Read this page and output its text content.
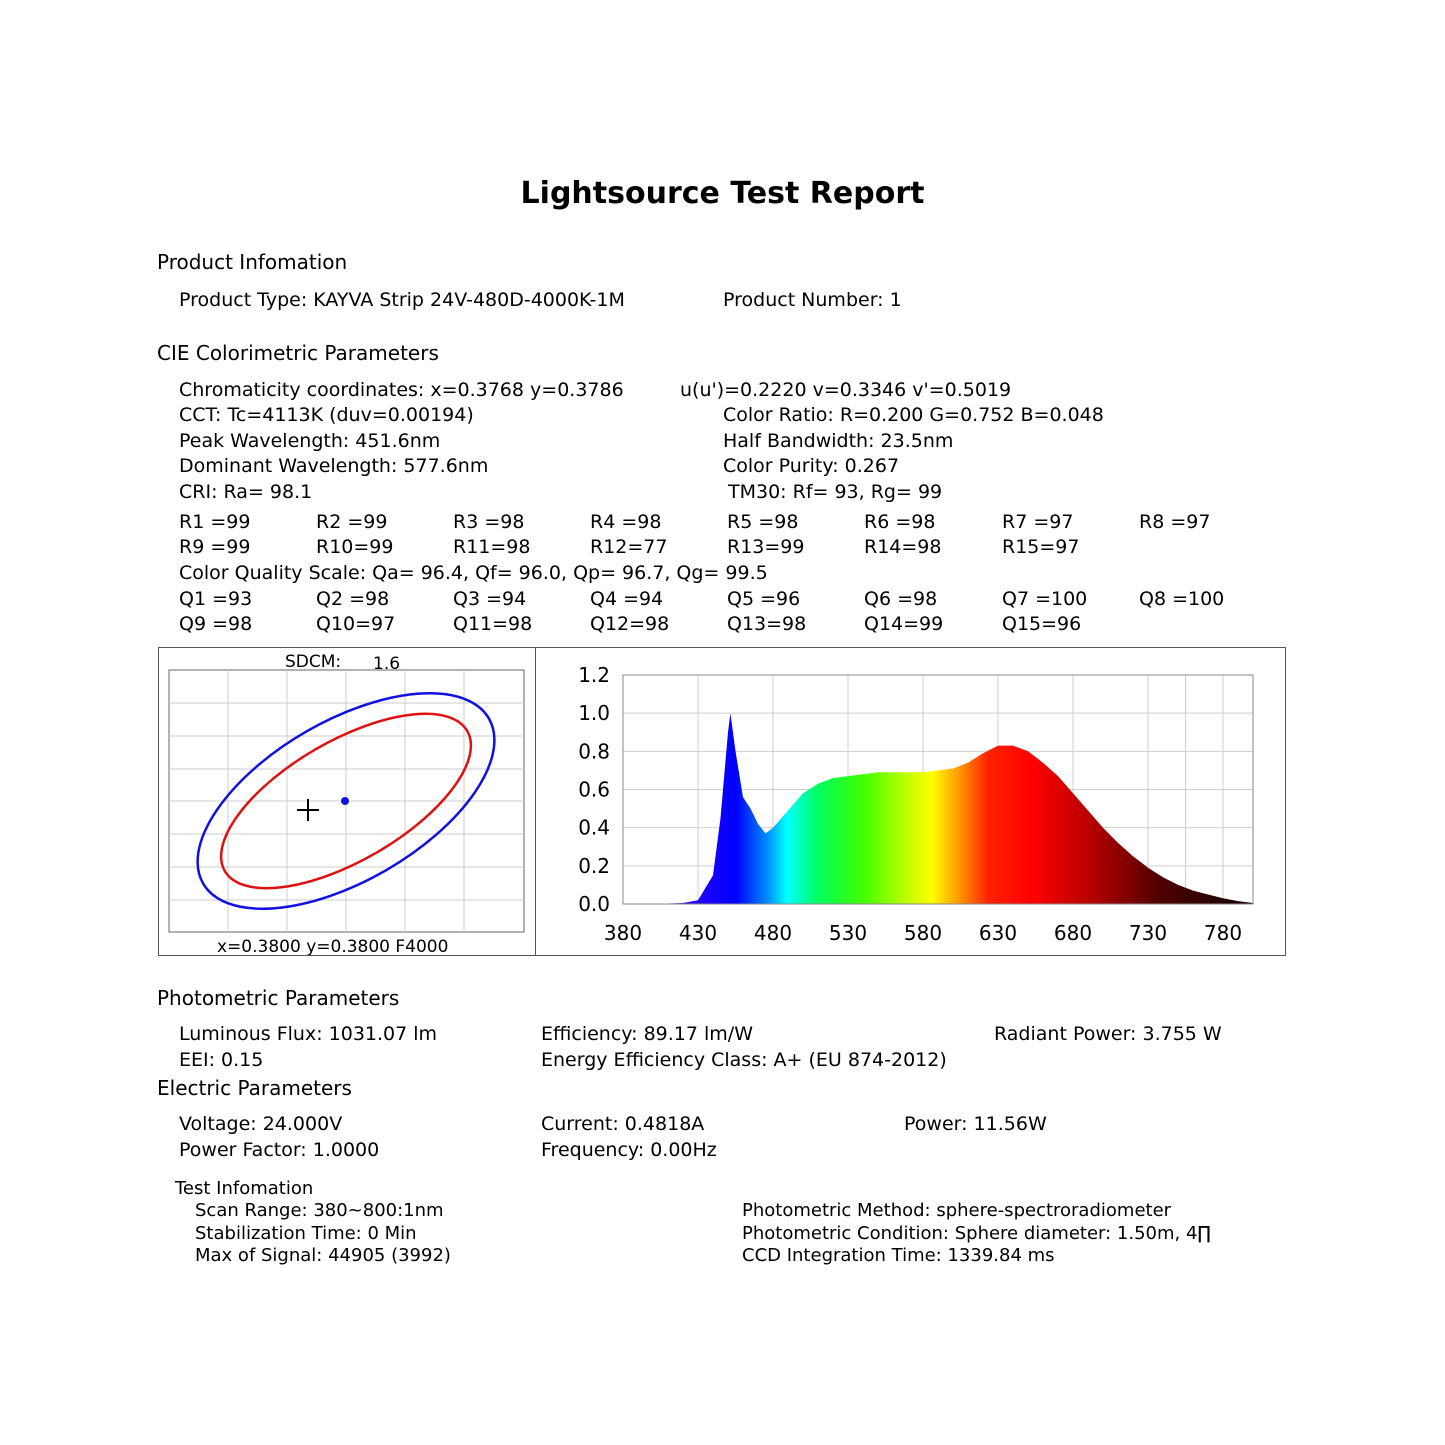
Lightsource Test Report
Product Infomation
Product Type: KAYVA Strip 24V-480D-4000K-1M	Product Number: 1
CIE Colorimetric Parameters
Chromaticity coordinates: x=0.3768 y=0.3786	u(u')=0.2220 v=0.3346 v'=0.5019
CCT: Tc=4113K (duv=0.00194)	Color Ratio: R=0.200 G=0.752 B=0.048
Peak Wavelength: 451.6nm	Half Bandwidth: 23.5nm
Dominant Wavelength: 577.6nm	Color Purity: 0.267
CRI: Ra= 98.1	TM30: Rf= 93, Rg= 99
R1 =99	R2 =99	R3 =98	R4 =98	R5 =98	R6 =98	R7 =97	R8 =97
R9 =99	R10=99	R11=98	R12=77	R13=99	R14=98	R15=97
Color Quality Scale: Qa= 96.4, Qf= 96.0, Qp= 96.7, Qg= 99.5
Q1 =93	Q2 =98	Q3 =94	Q4 =94	Q5 =96	Q6 =98	Q7 =100	Q8 =100
Q9 =98	Q10=97	Q11=98	Q12=98	Q13=98	Q14=99	Q15=96
SDCM: 1.6
x=0.3800 y=0.3800 F4000
0.0
0.2
0.4
0.6
0.8
1.0
1.2
380 430 480 530 580 630 680 730 780
Photometric Parameters
Luminous Flux: 1031.07 lm	Efficiency: 89.17 lm/W	Radiant Power: 3.755 W
EEI: 0.15	Energy Efficiency Class: A+ (EU 874-2012)
Electric Parameters
Voltage: 24.000V	Current: 0.4818A	Power: 11.56W
Power Factor: 1.0000	Frequency: 0.00Hz
Test Infomation
Scan Range: 380~800:1nm
Stabilization Time: 0 Min
Max of Signal: 44905 (3992)
Photometric Method: sphere-spectroradiometer
Photometric Condition: Sphere diameter: 1.50m, 4∏
CCD Integration Time: 1339.84 ms
